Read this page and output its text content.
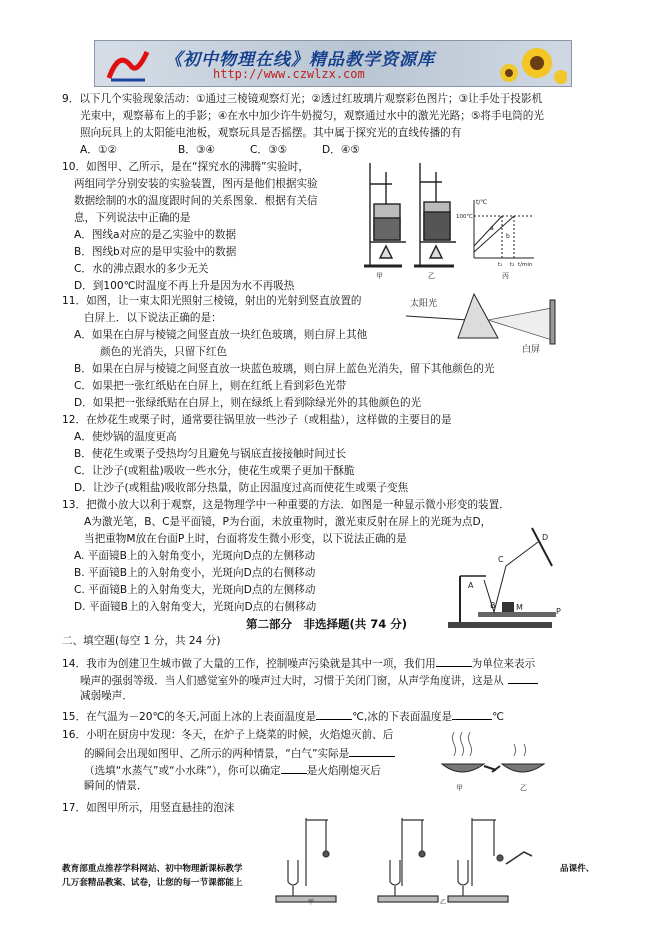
《初中物理在线》精品教学资源库
http://www.czwlzx.com
9．以下几个实验现象活动：①通过三棱镜观察灯光；②透过红玻璃片观察彩色图片；③让手处于投影机
光束中，观察幕布上的手影；④在水中加少许牛奶搅匀，观察通过水中的激光光路；⑤将手电筒的光
照向玩具上的太阳能电池板，观察玩具是否摇摆。其中属于探究光的直线传播的有
A．①②	B．③④	C．③⑤	D．④⑤
10．如图甲、乙所示，是在“探究水的沸腾”实验时，
两组同学分别安装的实验装置，图丙是他们根据实验
数据绘制的水的温度跟时间的关系图象．根据有关信
息，下列说法中正确的是
A．图线a对应的是乙实验中的数据
B．图线b对应的是甲实验中的数据
C．水的沸点跟水的多少无关
D．到100℃时温度不再上升是因为水不再吸热
甲	乙
t/℃
100℃
a
b
t₁ t₂ t/min
丙
11．如图，让一束太阳光照射三棱镜，射出的光射到竖直放置的
白屏上．以下说法正确的是：
A．如果在白屏与棱镜之间竖直放一块红色玻璃，则白屏上其他
颜色的光消失，只留下红色
B．如果在白屏与棱镜之间竖直放一块蓝色玻璃，则白屏上蓝色光消失，留下其他颜色的光
C．如果把一张红纸贴在白屏上，则在红纸上看到彩色光带
D．如果把一张绿纸贴在白屏上，则在绿纸上看到除绿光外的其他颜色的光
太阳光
白屏
12．在炒花生或栗子时，通常要往锅里放一些沙子（或粗盐），这样做的主要目的是
A．使炒锅的温度更高
B．使花生或栗子受热均匀且避免与锅底直接接触时间过长
C．让沙子(或粗盐)吸收一些水分，使花生或栗子更加干酥脆
D．让沙子(或粗盐)吸收部分热量，防止因温度过高而使花生或栗子变焦
13．把微小放大以利于观察，这是物理学中一种重要的方法．如图是一种显示微小形变的装置．
A为激光笔，B、C是平面镜，P为台面，未放重物时，激光束反射在屏上的光斑为点D，
当把重物M放在台面P上时，台面将发生微小形变，以下说法正确的是
A. 平面镜B上的入射角变小，光斑向D点的左侧移动
B. 平面镜B上的入射角变小，光斑向D点的右侧移动
C. 平面镜B上的入射角变大，光斑向D点的左侧移动
D. 平面镜B上的入射角变大，光斑向D点的右侧移动
A
B
C
D
M	P
第二部分　非选择题(共 74 分)
二、填空题(每空 1 分，共 24 分)
14．我市为创建卫生城市做了大量的工作，控制噪声污染就是其中一项，我们用	为单位来表示
噪声的强弱等级．当人们感觉室外的噪声过大时，习惯于关闭门窗，从声学角度讲，这是从
减弱噪声．
15．在气温为－20℃的冬天,河面上冰的上表面温度是	℃,冰的下表面温度是	℃
16．小明在厨房中发现：冬天，在炉子上烧菜的时候，火焰熄灭前、后
的瞬间会出现如图甲、乙所示的两种情景，“白气”实际是
（选填“水蒸气”或“小水珠”），你可以确定 是火焰刚熄灭后
瞬间的情景．	甲	乙
17．如图甲所示，用竖直悬挂的泡沫
甲	乙
教育部重点推荐学科网站、初中物理新课标教学	品课件、
几万套精品教案、试卷，让您的每一节课都能上
